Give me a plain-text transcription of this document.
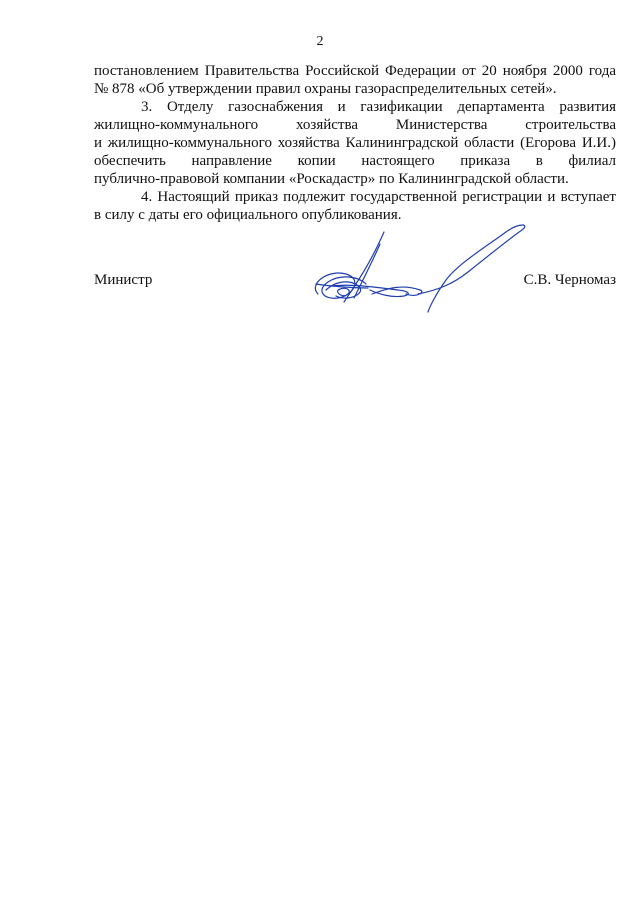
2

постановлением Правительства Российской Федерации от 20 ноября 2000 года
№ 878 «Об утверждении правил охраны газораспределительных сетей».

3. Отделу газоснабжения и газификации департамента развития

жилищно-коммунального хозяйства Министерства строительства
и жилищно-коммунального хозяйства Калининградской области (Егорова И.И.)
обеспечить направление копии настоящего приказа в филиал
публично-правовой компании «Роскадастр» по Калининградской области.

4. Настоящий приказ подлежит государственной регистрации и вступает

в силу с даты его официального опубликования.

Министр	С.В. Черномаз
